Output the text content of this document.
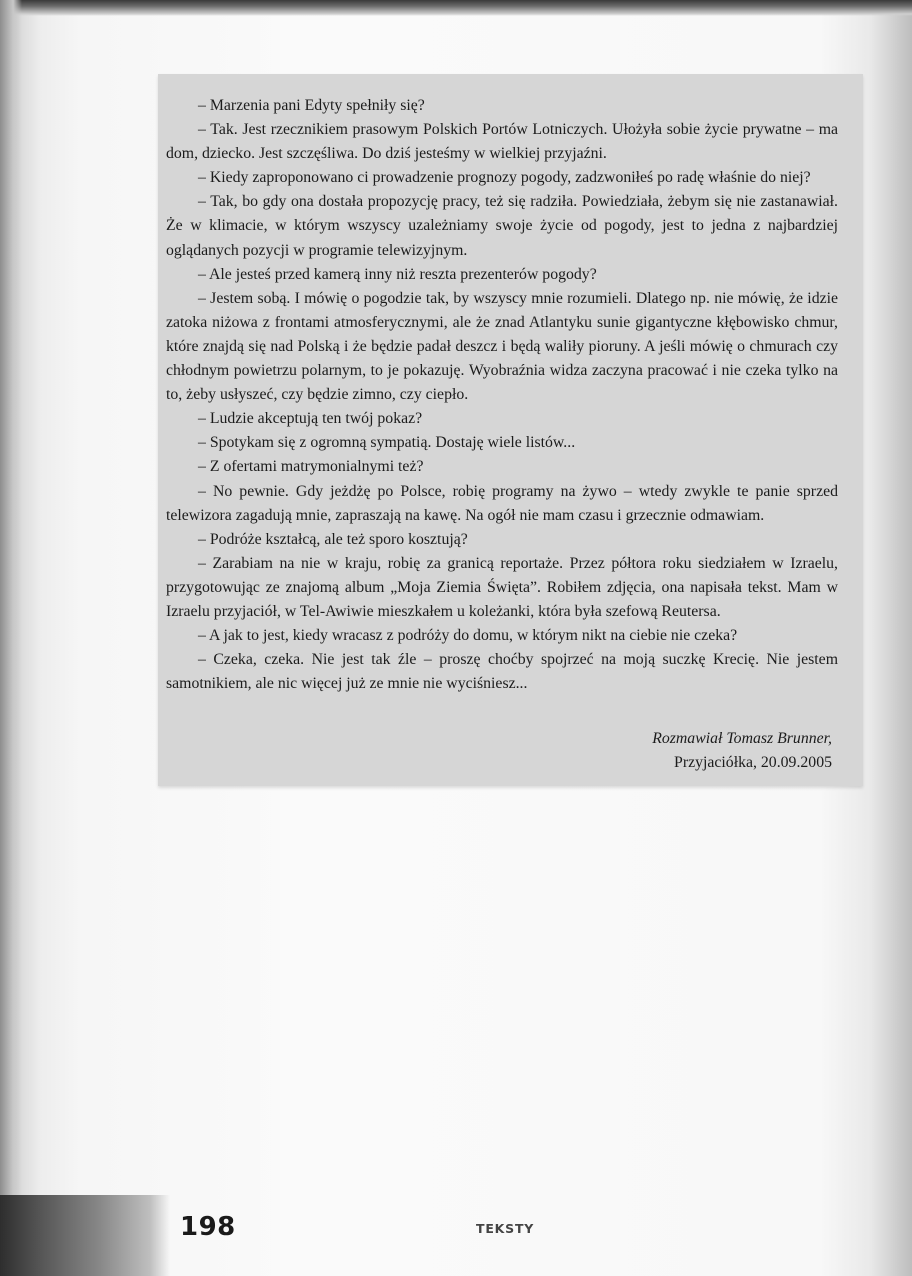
– Marzenia pani Edyty spełniły się?

– Tak. Jest rzecznikiem prasowym Polskich Portów Lotniczych. Ułożyła sobie życie prywatne – ma dom, dziecko. Jest szczęśliwa. Do dziś jesteśmy w wielkiej przyjaźni.

– Kiedy zaproponowano ci prowadzenie prognozy pogody, zadzwoniłeś po radę właśnie do niej?

– Tak, bo gdy ona dostała propozycję pracy, też się radziła. Powiedziała, żebym się nie zastanawiał. Że w klimacie, w którym wszyscy uzależniamy swoje życie od pogody, jest to jedna z najbardziej oglądanych pozycji w programie telewizyjnym.

– Ale jesteś przed kamerą inny niż reszta prezenterów pogody?

– Jestem sobą. I mówię o pogodzie tak, by wszyscy mnie rozumieli. Dlatego np. nie mówię, że idzie zatoka niżowa z frontami atmosferycznymi, ale że znad Atlantyku sunie gigantyczne kłębowisko chmur, które znajdą się nad Polską i że będzie padał deszcz i będą waliły pioruny. A jeśli mówię o chmurach czy chłodnym powietrzu polarnym, to je pokazuję. Wyobraźnia widza zaczyna pracować i nie czeka tylko na to, żeby usłyszeć, czy będzie zimno, czy ciepło.

– Ludzie akceptują ten twój pokaz?

– Spotykam się z ogromną sympatią. Dostaję wiele listów...

– Z ofertami matrymonialnymi też?

– No pewnie. Gdy jeżdżę po Polsce, robię programy na żywo – wtedy zwykle te panie sprzed telewizora zagadują mnie, zapraszają na kawę. Na ogół nie mam czasu i grzecznie odmawiam.

– Podróże kształcą, ale też sporo kosztują?

– Zarabiam na nie w kraju, robię za granicą reportaże. Przez półtora roku siedziałem w Izraelu, przygotowując ze znajomą album „Moja Ziemia Święta”. Robiłem zdjęcia, ona napisała tekst. Mam w Izraelu przyjaciół, w Tel-Awiwie mieszkałem u koleżanki, która była szefową Reutersa.

– A jak to jest, kiedy wracasz z podróży do domu, w którym nikt na ciebie nie czeka?

– Czeka, czeka. Nie jest tak źle – proszę choćby spojrzeć na moją suczkę Krecię. Nie jestem samotnikiem, ale nic więcej już ze mnie nie wyciśniesz...

Rozmawiał Tomasz Brunner,
Przyjaciółka, 20.09.2005
198	TEKSTY
